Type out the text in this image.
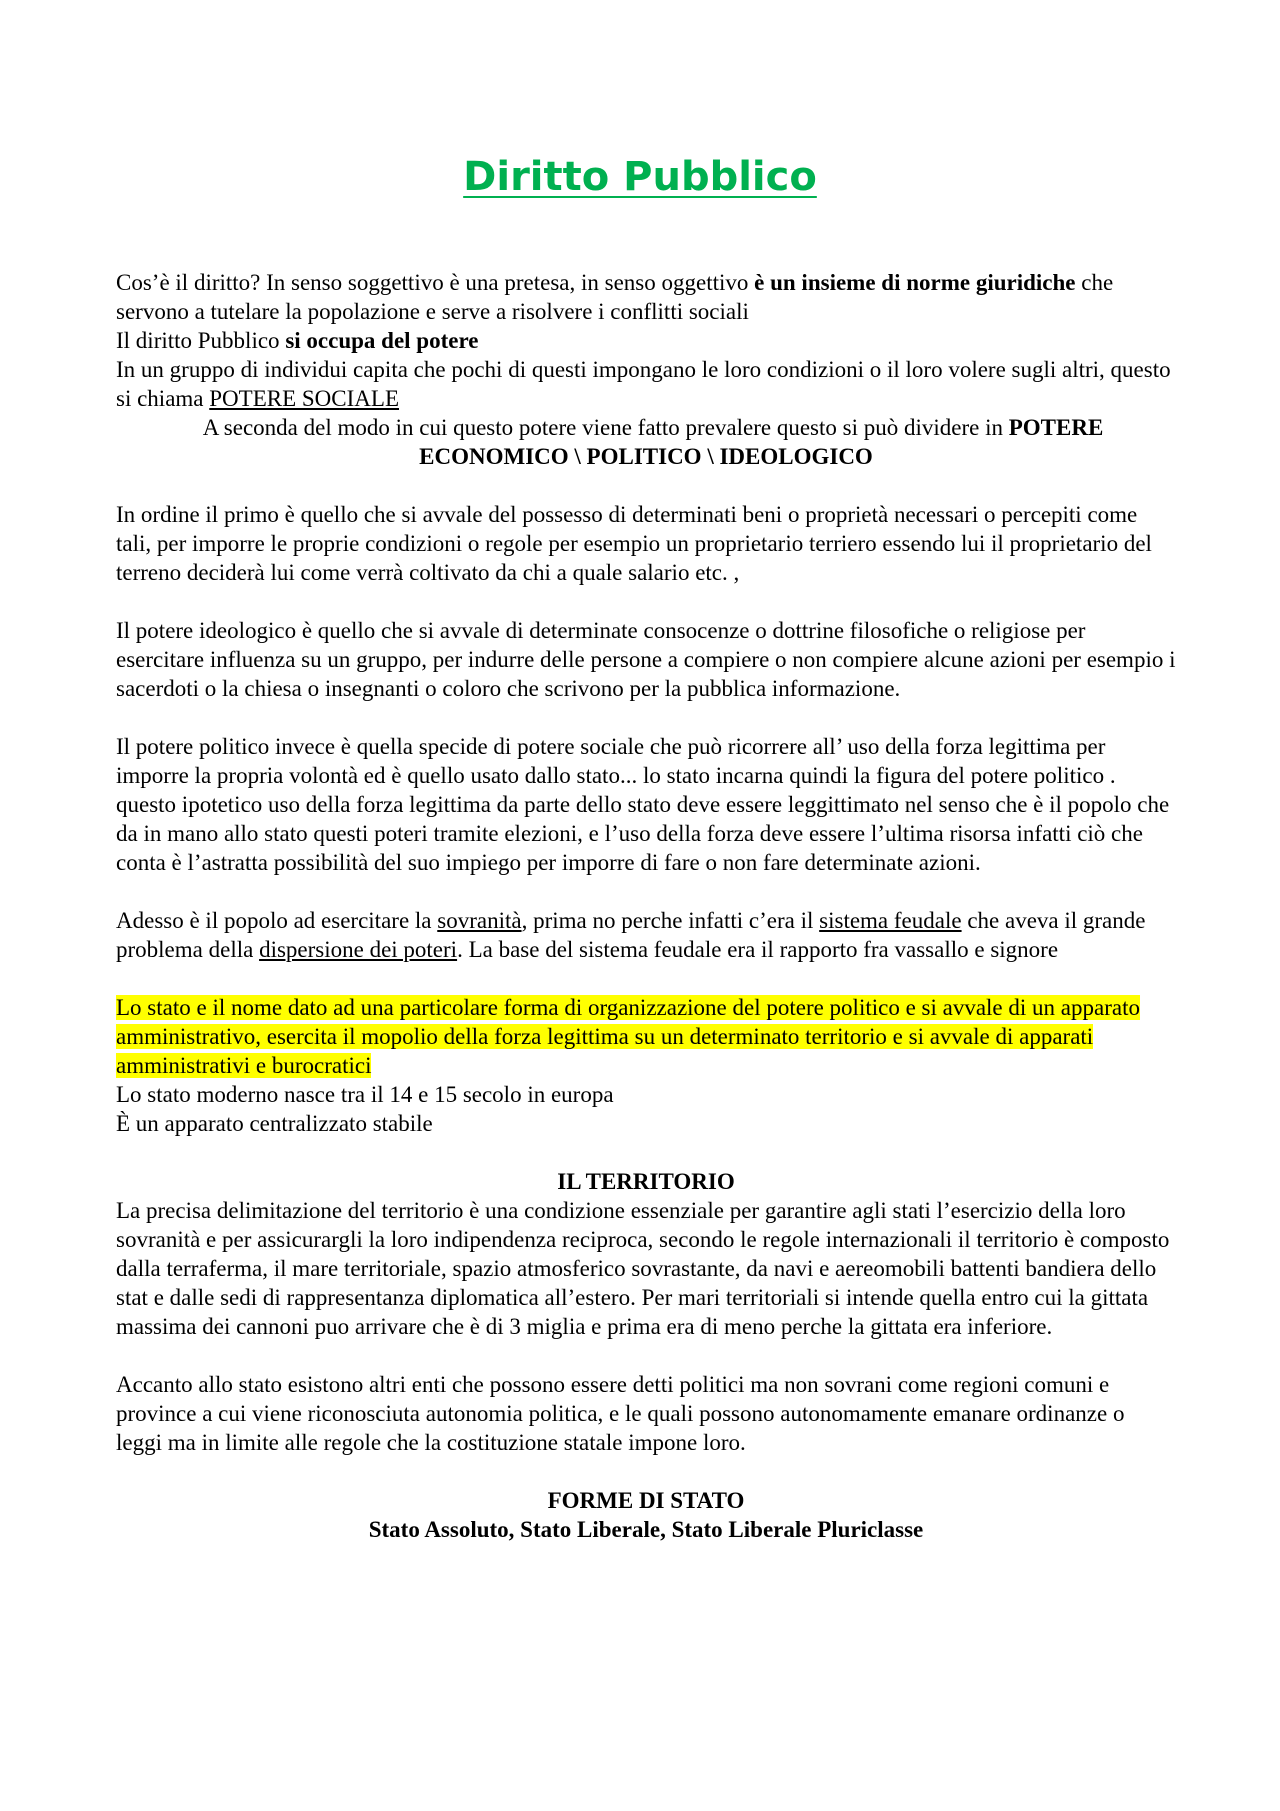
Diritto Pubblico

Cos’è il diritto? In senso soggettivo è una pretesa, in senso oggettivo è un insieme di norme giuridiche che servono a tutelare la popolazione e serve a risolvere i conflitti sociali

Il diritto Pubblico si occupa del potere

In un gruppo di individui capita che pochi di questi impongano le loro condizioni o il loro volere sugli altri, questo si chiama POTERE SOCIALE

A seconda del modo in cui questo potere viene fatto prevalere questo si può dividere in POTERE ECONOMICO \ POLITICO \ IDEOLOGICO

In ordine il primo è quello che si avvale del possesso di determinati beni o proprietà necessari o percepiti come tali, per imporre le proprie condizioni o regole per esempio un proprietario terriero essendo lui il proprietario del terreno deciderà lui come verrà coltivato da chi a quale salario etc. ,

Il potere ideologico è quello che si avvale di determinate consocenze o dottrine filosofiche o religiose per esercitare influenza su un gruppo, per indurre delle persone a compiere o non compiere alcune azioni per esempio i sacerdoti o la chiesa o insegnanti o coloro che scrivono per la pubblica informazione.

Il potere politico invece è quella specide di potere sociale che può ricorrere all’ uso della forza legittima per imporre la propria volontà ed è quello usato dallo stato... lo stato incarna quindi la figura del potere politico . questo ipotetico uso della forza legittima da parte dello stato deve essere leggittimato nel senso che è il popolo che da in mano allo stato questi poteri tramite elezioni, e l’uso della forza deve essere l’ultima risorsa infatti ciò che conta è l’astratta possibilità del suo impiego per imporre di fare o non fare determinate azioni.

Adesso è il popolo ad esercitare la sovranità, prima no perche infatti c’era il sistema feudale che aveva il grande problema della dispersione dei poteri. La base del sistema feudale era il rapporto fra vassallo e signore

Lo stato e il nome dato ad una particolare forma di organizzazione del potere politico e si avvale di un apparato amministrativo, esercita il mopolio della forza legittima su un determinato territorio e si avvale di apparati amministrativi e burocratici

Lo stato moderno nasce tra il 14 e 15 secolo in europa

È un apparato centralizzato stabile

IL TERRITORIO

La precisa delimitazione del territorio è una condizione essenziale per garantire agli stati l’esercizio della loro sovranità e per assicurargli la loro indipendenza reciproca, secondo le regole internazionali il territorio è composto dalla terraferma, il mare territoriale, spazio atmosferico sovrastante, da navi e aereomobili battenti bandiera dello stat e dalle sedi di rappresentanza diplomatica all’estero. Per mari territoriali si intende quella entro cui la gittata massima dei cannoni puo arrivare che è di 3 miglia e prima era di meno perche la gittata era inferiore.

Accanto allo stato esistono altri enti che possono essere detti politici ma non sovrani come regioni comuni e province a cui viene riconosciuta autonomia politica, e le quali possono autonomamente emanare ordinanze o leggi ma in limite alle regole che la costituzione statale impone loro.

FORME DI STATO

Stato Assoluto, Stato Liberale, Stato Liberale Pluriclasse
